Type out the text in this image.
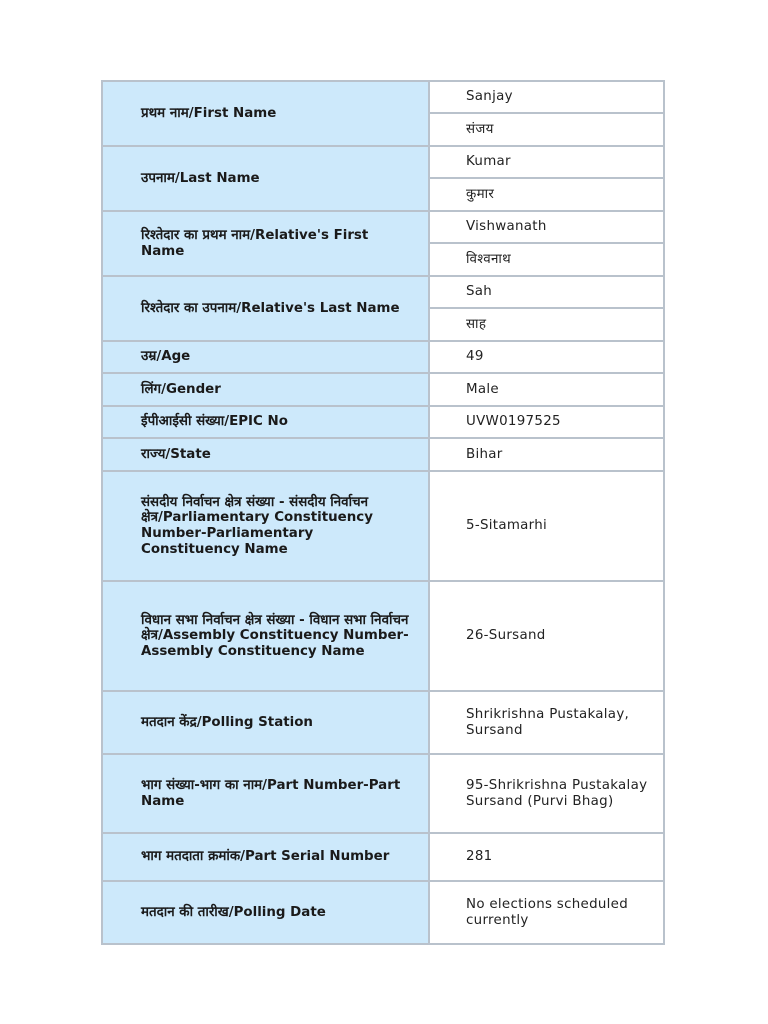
प्रथम नाम/First Name	Sanjay
	संजय
उपनाम/Last Name	Kumar
	कुमार
रिश्तेदार का प्रथम नाम/Relative's First Name	Vishwanath
	विश्वनाथ
रिश्तेदार का उपनाम/Relative's Last Name	Sah
	साह
उम्र/Age	49
लिंग/Gender	Male
ईपीआईसी संख्या/EPIC No	UVW0197525
राज्य/State	Bihar
संसदीय निर्वाचन क्षेत्र संख्या - संसदीय निर्वाचन क्षेत्र/Parliamentary Constituency Number-Parliamentary Constituency Name	5-Sitamarhi
विधान सभा निर्वाचन क्षेत्र संख्या - विधान सभा निर्वाचन क्षेत्र/Assembly Constituency Number-Assembly Constituency Name	26-Sursand
मतदान केंद्र/Polling Station	Shrikrishna Pustakalay, Sursand
भाग संख्या-भाग का नाम/Part Number-Part Name	95-Shrikrishna Pustakalay Sursand (Purvi Bhag)
भाग मतदाता क्रमांक/Part Serial Number	281
मतदान की तारीख/Polling Date	No elections scheduled currently
